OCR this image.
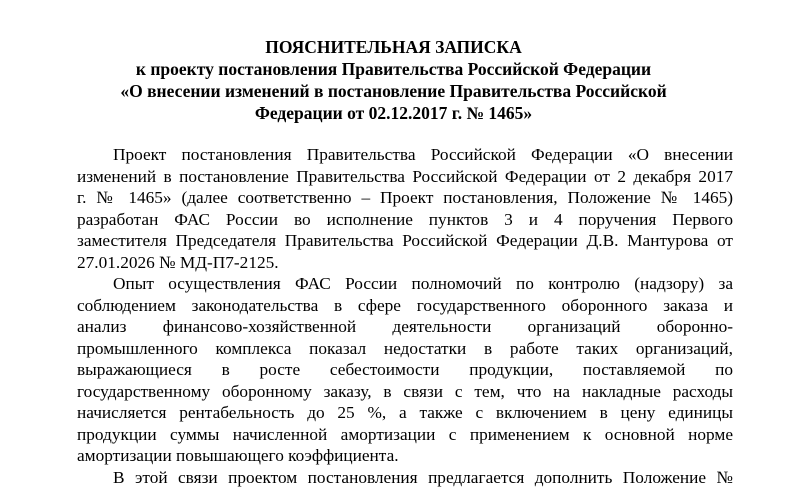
ПОЯСНИТЕЛЬНАЯ ЗАПИСКА
к проекту постановления Правительства Российской Федерации
«О внесении изменений в постановление Правительства Российской
Федерации от 02.12.2017 г. № 1465»
Проект постановления Правительства Российской Федерации «О внесении
изменений в постановление Правительства Российской Федерации от 2 декабря 2017
г. № 1465» (далее соответственно – Проект постановления, Положение № 1465)
разработан ФАС России во исполнение пунктов 3 и 4 поручения Первого
заместителя Председателя Правительства Российской Федерации Д.В. Мантурова от
27.01.2026 № МД-П7-2125.
Опыт осуществления ФАС России полномочий по контролю (надзору) за
соблюдением законодательства в сфере государственного оборонного заказа и
анализ финансово-хозяйственной деятельности организаций оборонно-
промышленного комплекса показал недостатки в работе таких организаций,
выражающиеся в росте себестоимости продукции, поставляемой по
государственному оборонному заказу, в связи с тем, что на накладные расходы
начисляется рентабельность до 25 %, а также с включением в цену единицы
продукции суммы начисленной амортизации с применением к основной норме
амортизации повышающего коэффициента.
В этой связи проектом постановления предлагается дополнить Положение №
